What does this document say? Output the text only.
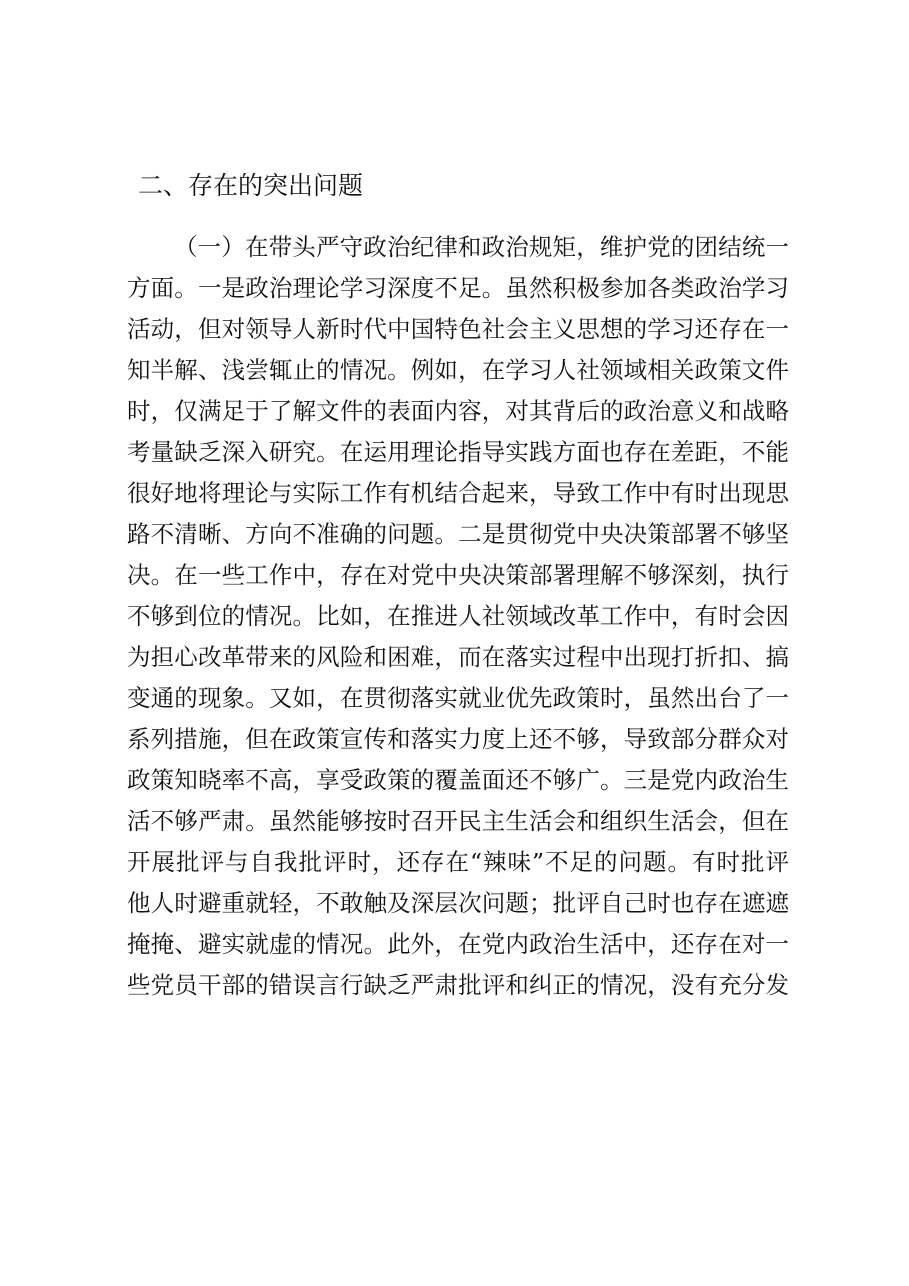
二、存在的突出问题
（一）在带头严守政治纪律和政治规矩，维护党的团结统一
方面。一是政治理论学习深度不足。虽然积极参加各类政治学习
活动，但对领导人新时代中国特色社会主义思想的学习还存在一
知半解、浅尝辄止的情况。例如，在学习人社领域相关政策文件
时，仅满足于了解文件的表面内容，对其背后的政治意义和战略
考量缺乏深入研究。在运用理论指导实践方面也存在差距，不能
很好地将理论与实际工作有机结合起来，导致工作中有时出现思
路不清晰、方向不准确的问题。二是贯彻党中央决策部署不够坚
决。在一些工作中，存在对党中央决策部署理解不够深刻，执行
不够到位的情况。比如，在推进人社领域改革工作中，有时会因
为担心改革带来的风险和困难，而在落实过程中出现打折扣、搞
变通的现象。又如，在贯彻落实就业优先政策时，虽然出台了一
系列措施，但在政策宣传和落实力度上还不够，导致部分群众对
政策知晓率不高，享受政策的覆盖面还不够广。三是党内政治生
活不够严肃。虽然能够按时召开民主生活会和组织生活会，但在
开展批评与自我批评时，还存在“辣味”不足的问题。有时批评
他人时避重就轻，不敢触及深层次问题；批评自己时也存在遮遮
掩掩、避实就虚的情况。此外，在党内政治生活中，还存在对一
些党员干部的错误言行缺乏严肃批评和纠正的情况，没有充分发
